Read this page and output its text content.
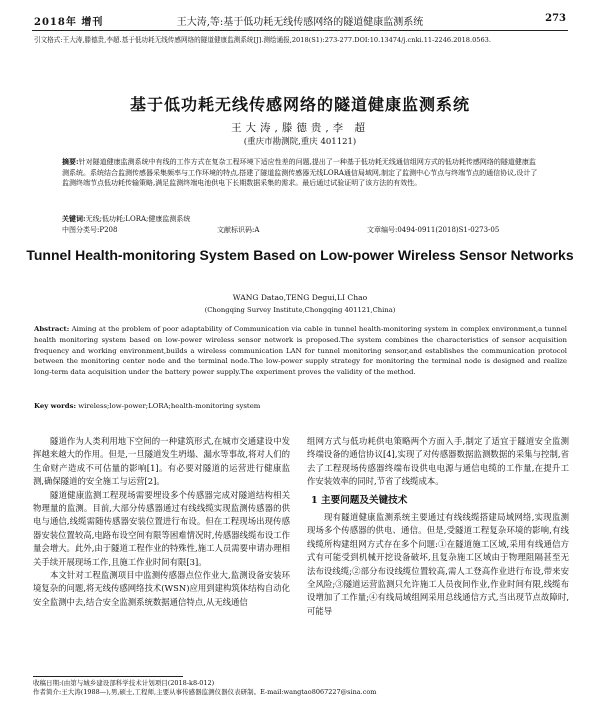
2018年 增刊	王大涛,等:基于低功耗无线传感网络的隧道健康监测系统	273
引文格式:王大涛,滕德贵,李超.基于低功耗无线传感网络的隧道健康监测系统[J].测绘通报,2018(S1):273-277.DOI:10.13474/j.cnki.11-2246.2018.0563.
基于低功耗无线传感网络的隧道健康监测系统
王大涛,滕德贵,李 超
(重庆市勘测院,重庆 401121)
摘要:针对隧道健康监测系统中有线的工作方式在复杂工程环境下适应性差的问题,提出了一种基于低功耗无线通信组网方式的低功耗传感网络的隧道健康监测系统。系统结合监测传感器采集频率与工作环境的特点,搭建了隧道监测传感器无线LORA通信局域网,制定了监测中心节点与终端节点的通信协议,设计了监测终端节点低功耗传输策略,满足监测终端电池供电下长期数据采集的需求。最后通过试验证明了该方法的有效性。
关键词:无线;低功耗;LORA;健康监测系统
中图分类号:P208	文献标识码:A	文章编号:0494-0911(2018)S1-0273-05
Tunnel Health-monitoring System Based on Low-power Wireless Sensor Networks
WANG Datao,TENG Degui,LI Chao
(Chongqing Survey Institute,Chongqing 401121,China)
Abstract: Aiming at the problem of poor adaptability of Communication via cable in tunnel health-monitoring system in complex environment,a tunnel health monitoring system based on low-power wireless sensor network is proposed.The system combines the characteristics of sensor acquisition frequency and working environment,builds a wireless communication LAN for tunnel monitoring sensor,and establishes the communication protocol between the monitoring center node and the terminal node.The low-power supply strategy for monitoring the terminal node is designed and realize long-term data acquisition under the battery power supply.The experiment proves the validity of the method.
Key words: wireless;low-power;LORA;health-monitoring system

隧道作为人类利用地下空间的一种建筑形式,在城市交通建设中发挥越来越大的作用。但是,一旦隧道发生坍塌、漏水等事故,将对人们的生命财产造成不可估量的影响[1]。有必要对隧道的运营进行健康监测,确保隧道的安全施工与运营[2]。

隧道健康监测工程现场需要埋设多个传感器完成对隧道结构相关物理量的监测。目前,大部分传感器通过有线线缆实现监测传感器的供电与通信,线缆需随传感器安装位置进行布设。但在工程现场出现传感器安装位置较高,电路布设空间有限等困难情况时,传感器线缆布设工作量会增大。此外,由于隧道工程作业的特殊性,施工人员需要申请办理相关手续开展现场工作,且施工作业时间有限[3]。

本文针对工程监测项目中监测传感器点位作业大,监测设备安装环境复杂的问题,将无线传感网络技术(WSN)应用到建构筑体结构自动化安全监测中去,结合安全监测系统数据通信特点,从无线通信

组网方式与低功耗供电策略两个方面入手,制定了适宜于隧道安全监测终端设备的通信协议[4],实现了对传感器数据监测数据的采集与控制,省去了工程现场传感器终端布设供电电源与通信电缆的工作量,在提升工作安装效率的同时,节省了线缆成本。

1 主要问题及关键技术

现有隧道健康监测系统主要通过有线线缆搭建局域网络,实现监测现场多个传感器的供电、通信。但是,受隧道工程复杂环境的影响,有线线缆所构建组网方式存在多个问题:①在隧道施工区域,采用有线通信方式有可能受到机械开挖设备破坏,且复杂施工区域由于物理阻隔甚至无法布设线缆;②部分布设线缆位置较高,需人工登高作业进行布设,带来安全风险;③隧道运营监测只允许施工人员夜间作业,作业时间有限,线缆布设增加了工作量;④有线局域组网采用总线通信方式,当出现节点故障时,可能导

收稿日期:(由第与城乡建设部科学技术计划项目(2018-k8-012)
作者简介:王大涛(1988—),男,硕士,工程师,主要从事传感器监测仪器仪表研制。E-mail:wangtao8067227@sina.com
